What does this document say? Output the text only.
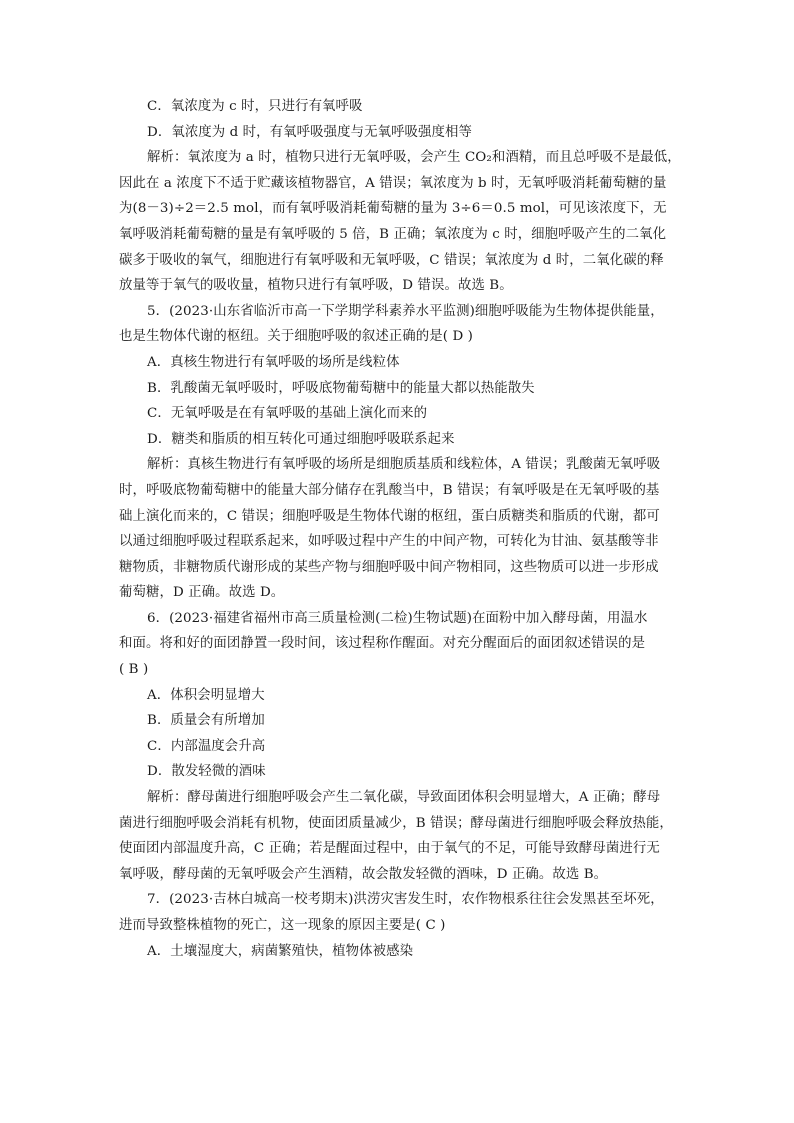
C．氧浓度为 c 时，只进行有氧呼吸
D．氧浓度为 d 时，有氧呼吸强度与无氧呼吸强度相等
解析：氧浓度为 a 时，植物只进行无氧呼吸，会产生 CO₂和酒精，而且总呼吸不是最低，
因此在 a 浓度下不适于贮藏该植物器官，A 错误；氧浓度为 b 时，无氧呼吸消耗葡萄糖的量
为(8－3)÷2＝2.5 mol，而有氧呼吸消耗葡萄糖的量为 3÷6＝0.5 mol，可见该浓度下，无
氧呼吸消耗葡萄糖的量是有氧呼吸的 5 倍，B 正确；氧浓度为 c 时，细胞呼吸产生的二氧化
碳多于吸收的氧气，细胞进行有氧呼吸和无氧呼吸，C 错误；氧浓度为 d 时，二氧化碳的释
放量等于氧气的吸收量，植物只进行有氧呼吸，D 错误。故选 B。
5．(2023·山东省临沂市高一下学期学科素养水平监测)细胞呼吸能为生物体提供能量，
也是生物体代谢的枢纽。关于细胞呼吸的叙述正确的是( D )
A．真核生物进行有氧呼吸的场所是线粒体
B．乳酸菌无氧呼吸时，呼吸底物葡萄糖中的能量大都以热能散失
C．无氧呼吸是在有氧呼吸的基础上演化而来的
D．糖类和脂质的相互转化可通过细胞呼吸联系起来
解析：真核生物进行有氧呼吸的场所是细胞质基质和线粒体，A 错误；乳酸菌无氧呼吸
时，呼吸底物葡萄糖中的能量大部分储存在乳酸当中，B 错误；有氧呼吸是在无氧呼吸的基
础上演化而来的，C 错误；细胞呼吸是生物体代谢的枢纽，蛋白质糖类和脂质的代谢，都可
以通过细胞呼吸过程联系起来，如呼吸过程中产生的中间产物，可转化为甘油、氨基酸等非
糖物质，非糖物质代谢形成的某些产物与细胞呼吸中间产物相同，这些物质可以进一步形成
葡萄糖，D 正确。故选 D。
6．(2023·福建省福州市高三质量检测(二检)生物试题)在面粉中加入酵母菌，用温水
和面。将和好的面团静置一段时间，该过程称作醒面。对充分醒面后的面团叙述错误的是
( B )
A．体积会明显增大
B．质量会有所增加
C．内部温度会升高
D．散发轻微的酒味
解析：酵母菌进行细胞呼吸会产生二氧化碳，导致面团体积会明显增大，A 正确；酵母
菌进行细胞呼吸会消耗有机物，使面团质量减少，B 错误；酵母菌进行细胞呼吸会释放热能，
使面团内部温度升高，C 正确；若是醒面过程中，由于氧气的不足，可能导致酵母菌进行无
氧呼吸，酵母菌的无氧呼吸会产生酒精，故会散发轻微的酒味，D 正确。故选 B。
7．(2023·吉林白城高一校考期末)洪涝灾害发生时，农作物根系往往会发黑甚至坏死，
进而导致整株植物的死亡，这一现象的原因主要是( C )
A．土壤湿度大，病菌繁殖快，植物体被感染
